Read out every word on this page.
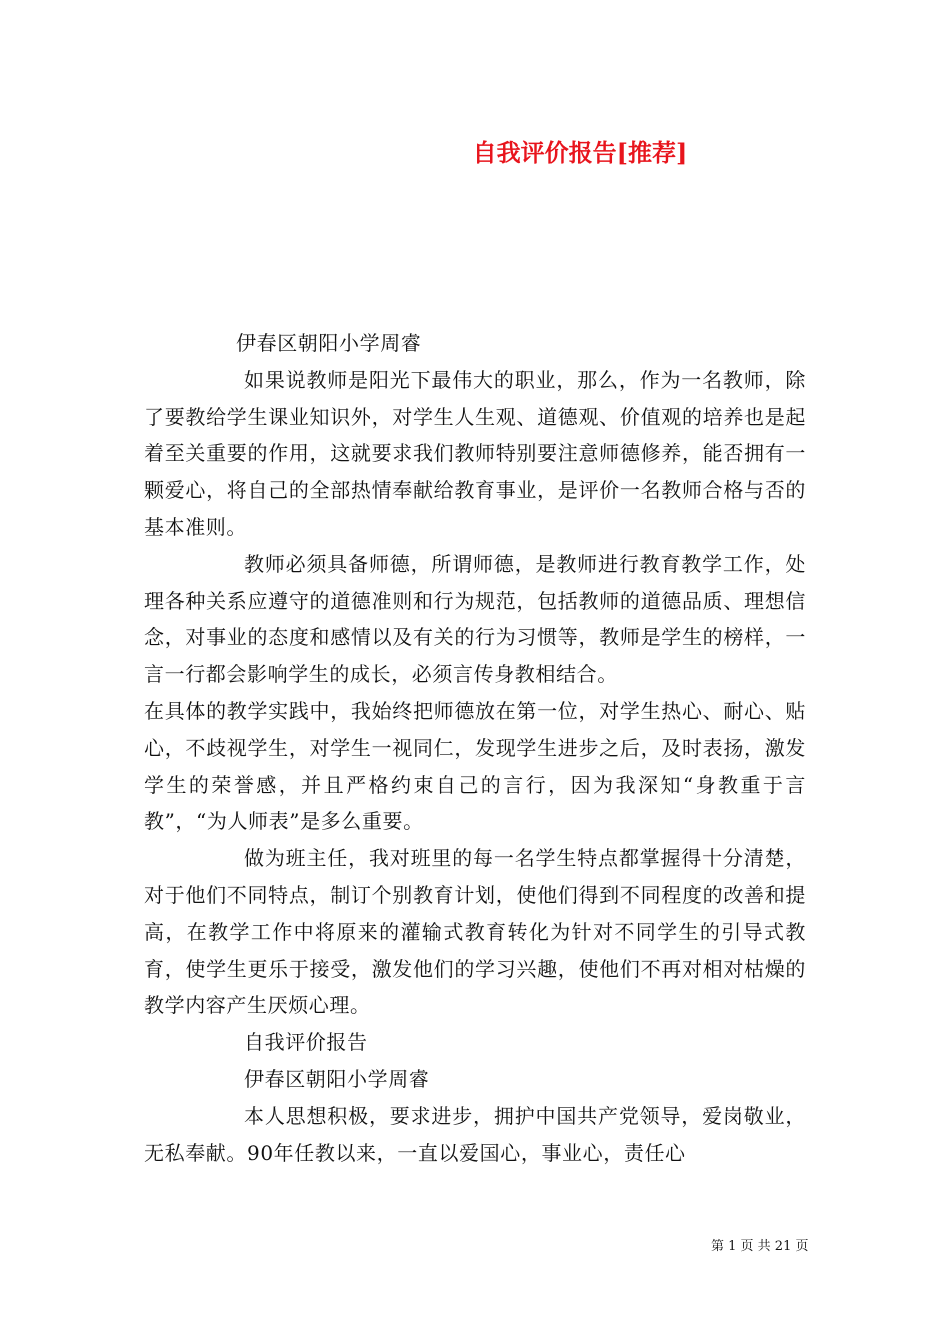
自我评价报告[推荐]

伊春区朝阳小学周睿

如果说教师是阳光下最伟大的职业，那么，作为一名教师，除了要教给学生课业知识外，对学生人生观、道德观、价值观的培养也是起着至关重要的作用，这就要求我们教师特别要注意师德修养，能否拥有一颗爱心，将自己的全部热情奉献给教育事业，是评价一名教师合格与否的基本准则。

教师必须具备师德，所谓师德，是教师进行教育教学工作，处理各种关系应遵守的道德准则和行为规范，包括教师的道德品质、理想信念，对事业的态度和感情以及有关的行为习惯等，教师是学生的榜样，一言一行都会影响学生的成长，必须言传身教相结合。

在具体的教学实践中，我始终把师德放在第一位，对学生热心、耐心、贴心，不歧视学生，对学生一视同仁，发现学生进步之后，及时表扬，激发学生的荣誉感，并且严格约束自己的言行，因为我深知“身教重于言教”，“为人师表”是多么重要。

做为班主任，我对班里的每一名学生特点都掌握得十分清楚，对于他们不同特点，制订个别教育计划，使他们得到不同程度的改善和提高，在教学工作中将原来的灌输式教育转化为针对不同学生的引导式教育，使学生更乐于接受，激发他们的学习兴趣，使他们不再对相对枯燥的教学内容产生厌烦心理。

自我评价报告

伊春区朝阳小学周睿

本人思想积极，要求进步，拥护中国共产党领导，爱岗敬业，无私奉献。90年任教以来，一直以爱国心，事业心，责任心

第 1 页 共 21 页
